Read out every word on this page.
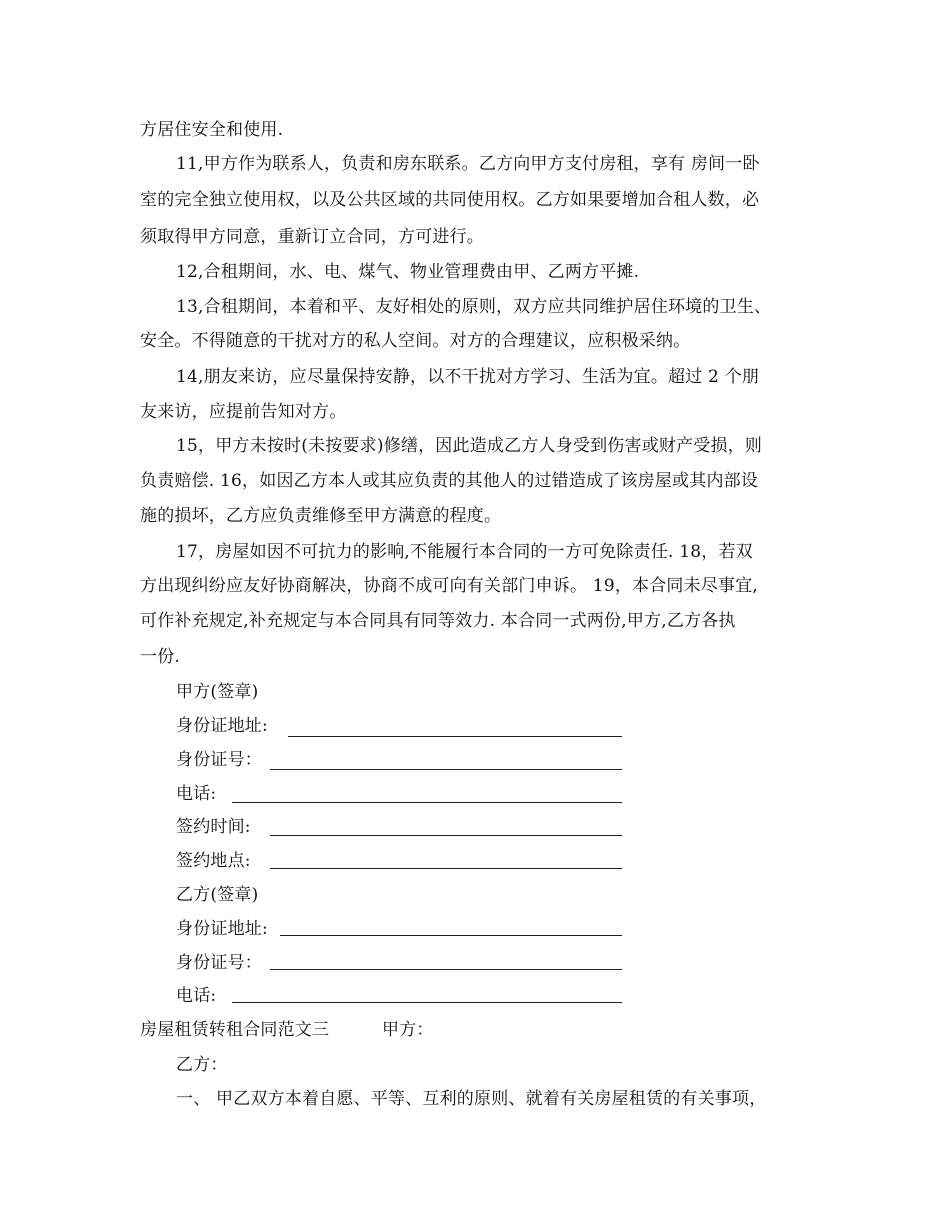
方居住安全和使用.
11,甲方作为联系人，负责和房东联系。乙方向甲方支付房租，享有 房间一卧
室的完全独立使用权，以及公共区域的共同使用权。乙方如果要增加合租人数，必
须取得甲方同意，重新订立合同，方可进行。
12,合租期间，水、电、煤气、物业管理费由甲、乙两方平摊.
13,合租期间，本着和平、友好相处的原则，双方应共同维护居住环境的卫生、
安全。不得随意的干扰对方的私人空间。对方的合理建议，应积极采纳。
14,朋友来访，应尽量保持安静，以不干扰对方学习、生活为宜。超过 2 个朋
友来访，应提前告知对方。
15，甲方未按时(未按要求)修缮，因此造成乙方人身受到伤害或财产受损，则
负责赔偿. 16，如因乙方本人或其应负责的其他人的过错造成了该房屋或其内部设
施的损坏，乙方应负责维修至甲方满意的程度。
17，房屋如因不可抗力的影响,不能履行本合同的一方可免除责任. 18，若双
方出现纠纷应友好协商解决，协商不成可向有关部门申诉。 19，本合同未尽事宜,
可作补充规定,补充规定与本合同具有同等效力. 本合同一式两份,甲方,乙方各执
一份.
甲方(签章)
身份证地址:
身份证号：
电话:
签约时间:
签约地点:
乙方(签章)
身份证地址:
身份证号：
电话:
房屋租赁转租合同范文三	甲方：
乙方：
一、 甲乙双方本着自愿、平等、互利的原则、就着有关房屋租赁的有关事项，
